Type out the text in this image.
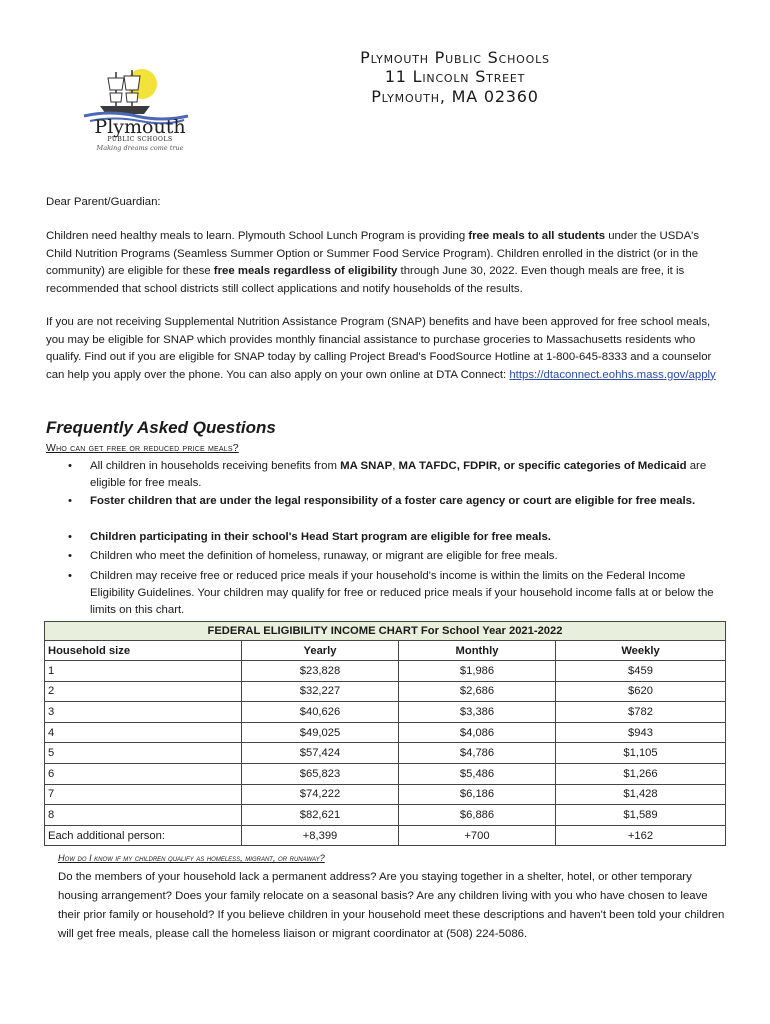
Plymouth
PUBLIC SCHOOLS
Making dreams come true
Plymouth Public Schools
11 Lincoln Street
Plymouth, MA 02360
Dear Parent/Guardian:
Children need healthy meals to learn. Plymouth School Lunch Program is providing free meals to all students under the USDA's Child Nutrition Programs (Seamless Summer Option or Summer Food Service Program). Children enrolled in the district (or in the community) are eligible for these free meals regardless of eligibility through June 30, 2022. Even though meals are free, it is recommended that school districts still collect applications and notify households of the results.
If you are not receiving Supplemental Nutrition Assistance Program (SNAP) benefits and have been approved for free school meals, you may be eligible for SNAP which provides monthly financial assistance to purchase groceries to Massachusetts residents who qualify. Find out if you are eligible for SNAP today by calling Project Bread's FoodSource Hotline at 1-800-645-8333 and a counselor can help you apply over the phone. You can also apply on your own online at DTA Connect: https://dtaconnect.eohhs.mass.gov/apply
Frequently Asked Questions
Who can get free or reduced price meals?
• All children in households receiving benefits from MA SNAP, MA TAFDC, FDPIR, or specific categories of Medicaid are eligible for free meals.
• Foster children that are under the legal responsibility of a foster care agency or court are eligible for free meals.
• Children participating in their school's Head Start program are eligible for free meals.
• Children who meet the definition of homeless, runaway, or migrant are eligible for free meals.
• Children may receive free or reduced price meals if your household's income is within the limits on the Federal Income Eligibility Guidelines. Your children may qualify for free or reduced price meals if your household income falls at or below the limits on this chart.
FEDERAL ELIGIBILITY INCOME CHART For School Year 2021-2022			
Household size	Yearly	Monthly	Weekly
1	$23,828	$1,986	$459
2	$32,227	$2,686	$620
3	$40,626	$3,386	$782
4	$49,025	$4,086	$943
5	$57,424	$4,786	$1,105
6	$65,823	$5,486	$1,266
7	$74,222	$6,186	$1,428
8	$82,621	$6,886	$1,589
Each additional person:	+8,399	+700	+162
How do I know if my children qualify as homeless, migrant, or runaway?
Do the members of your household lack a permanent address? Are you staying together in a shelter, hotel, or other temporary housing arrangement? Does your family relocate on a seasonal basis? Are any children living with you who have chosen to leave their prior family or household? If you believe children in your household meet these descriptions and haven't been told your children will get free meals, please call the homeless liaison or migrant coordinator at (508) 224-5086.
